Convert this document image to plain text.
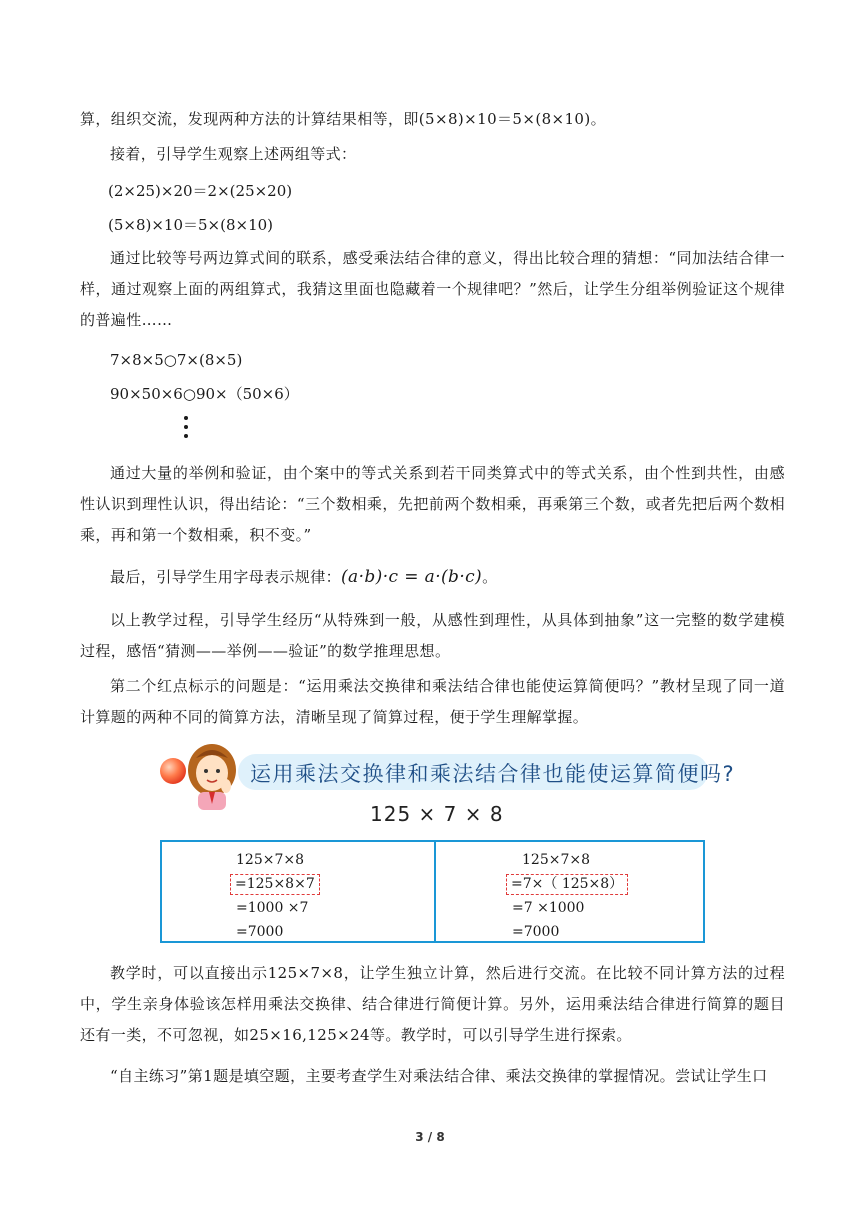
算，组织交流，发现两种方法的计算结果相等，即(5×8)×10＝5×(8×10)。

接着，引导学生观察上述两组等式：

(2×25)×20＝2×(25×20)
(5×8)×10＝5×(8×10)

通过比较等号两边算式间的联系，感受乘法结合律的意义，得出比较合理的猜想：“同加法结合律一样，通过观察上面的两组算式，我猜这里面也隐藏着一个规律吧？”然后，让学生分组举例验证这个规律的普遍性……

7×8×5○7×(8×5)
90×50×6○90×（50×6）

通过大量的举例和验证，由个案中的等式关系到若干同类算式中的等式关系，由个性到共性，由感性认识到理性认识，得出结论：“三个数相乘，先把前两个数相乘，再乘第三个数，或者先把后两个数相乘，再和第一个数相乘，积不变。”

最后，引导学生用字母表示规律：(a·b)·c = a·(b·c)。

以上教学过程，引导学生经历“从特殊到一般，从感性到理性，从具体到抽象”这一完整的数学建模过程，感悟“猜测——举例——验证”的数学推理思想。

第二个红点标示的问题是：“运用乘法交换律和乘法结合律也能使运算简便吗？”教材呈现了同一道计算题的两种不同的简算方法，清晰呈现了简算过程，便于学生理解掌握。

运用乘法交换律和乘法结合律也能使运算简便吗?
125 × 7 × 8
125×7×8
=125×8×7
=1000 ×7
=7000
125×7×8
=7×（ 125×8）
=7 ×1000
=7000

教学时，可以直接出示125×7×8，让学生独立计算，然后进行交流。在比较不同计算方法的过程中，学生亲身体验该怎样用乘法交换律、结合律进行简便计算。另外，运用乘法结合律进行简算的题目还有一类，不可忽视，如25×16,125×24等。教学时，可以引导学生进行探索。

“自主练习”第1题是填空题，主要考查学生对乘法结合律、乘法交换律的掌握情况。尝试让学生口

3 / 8
